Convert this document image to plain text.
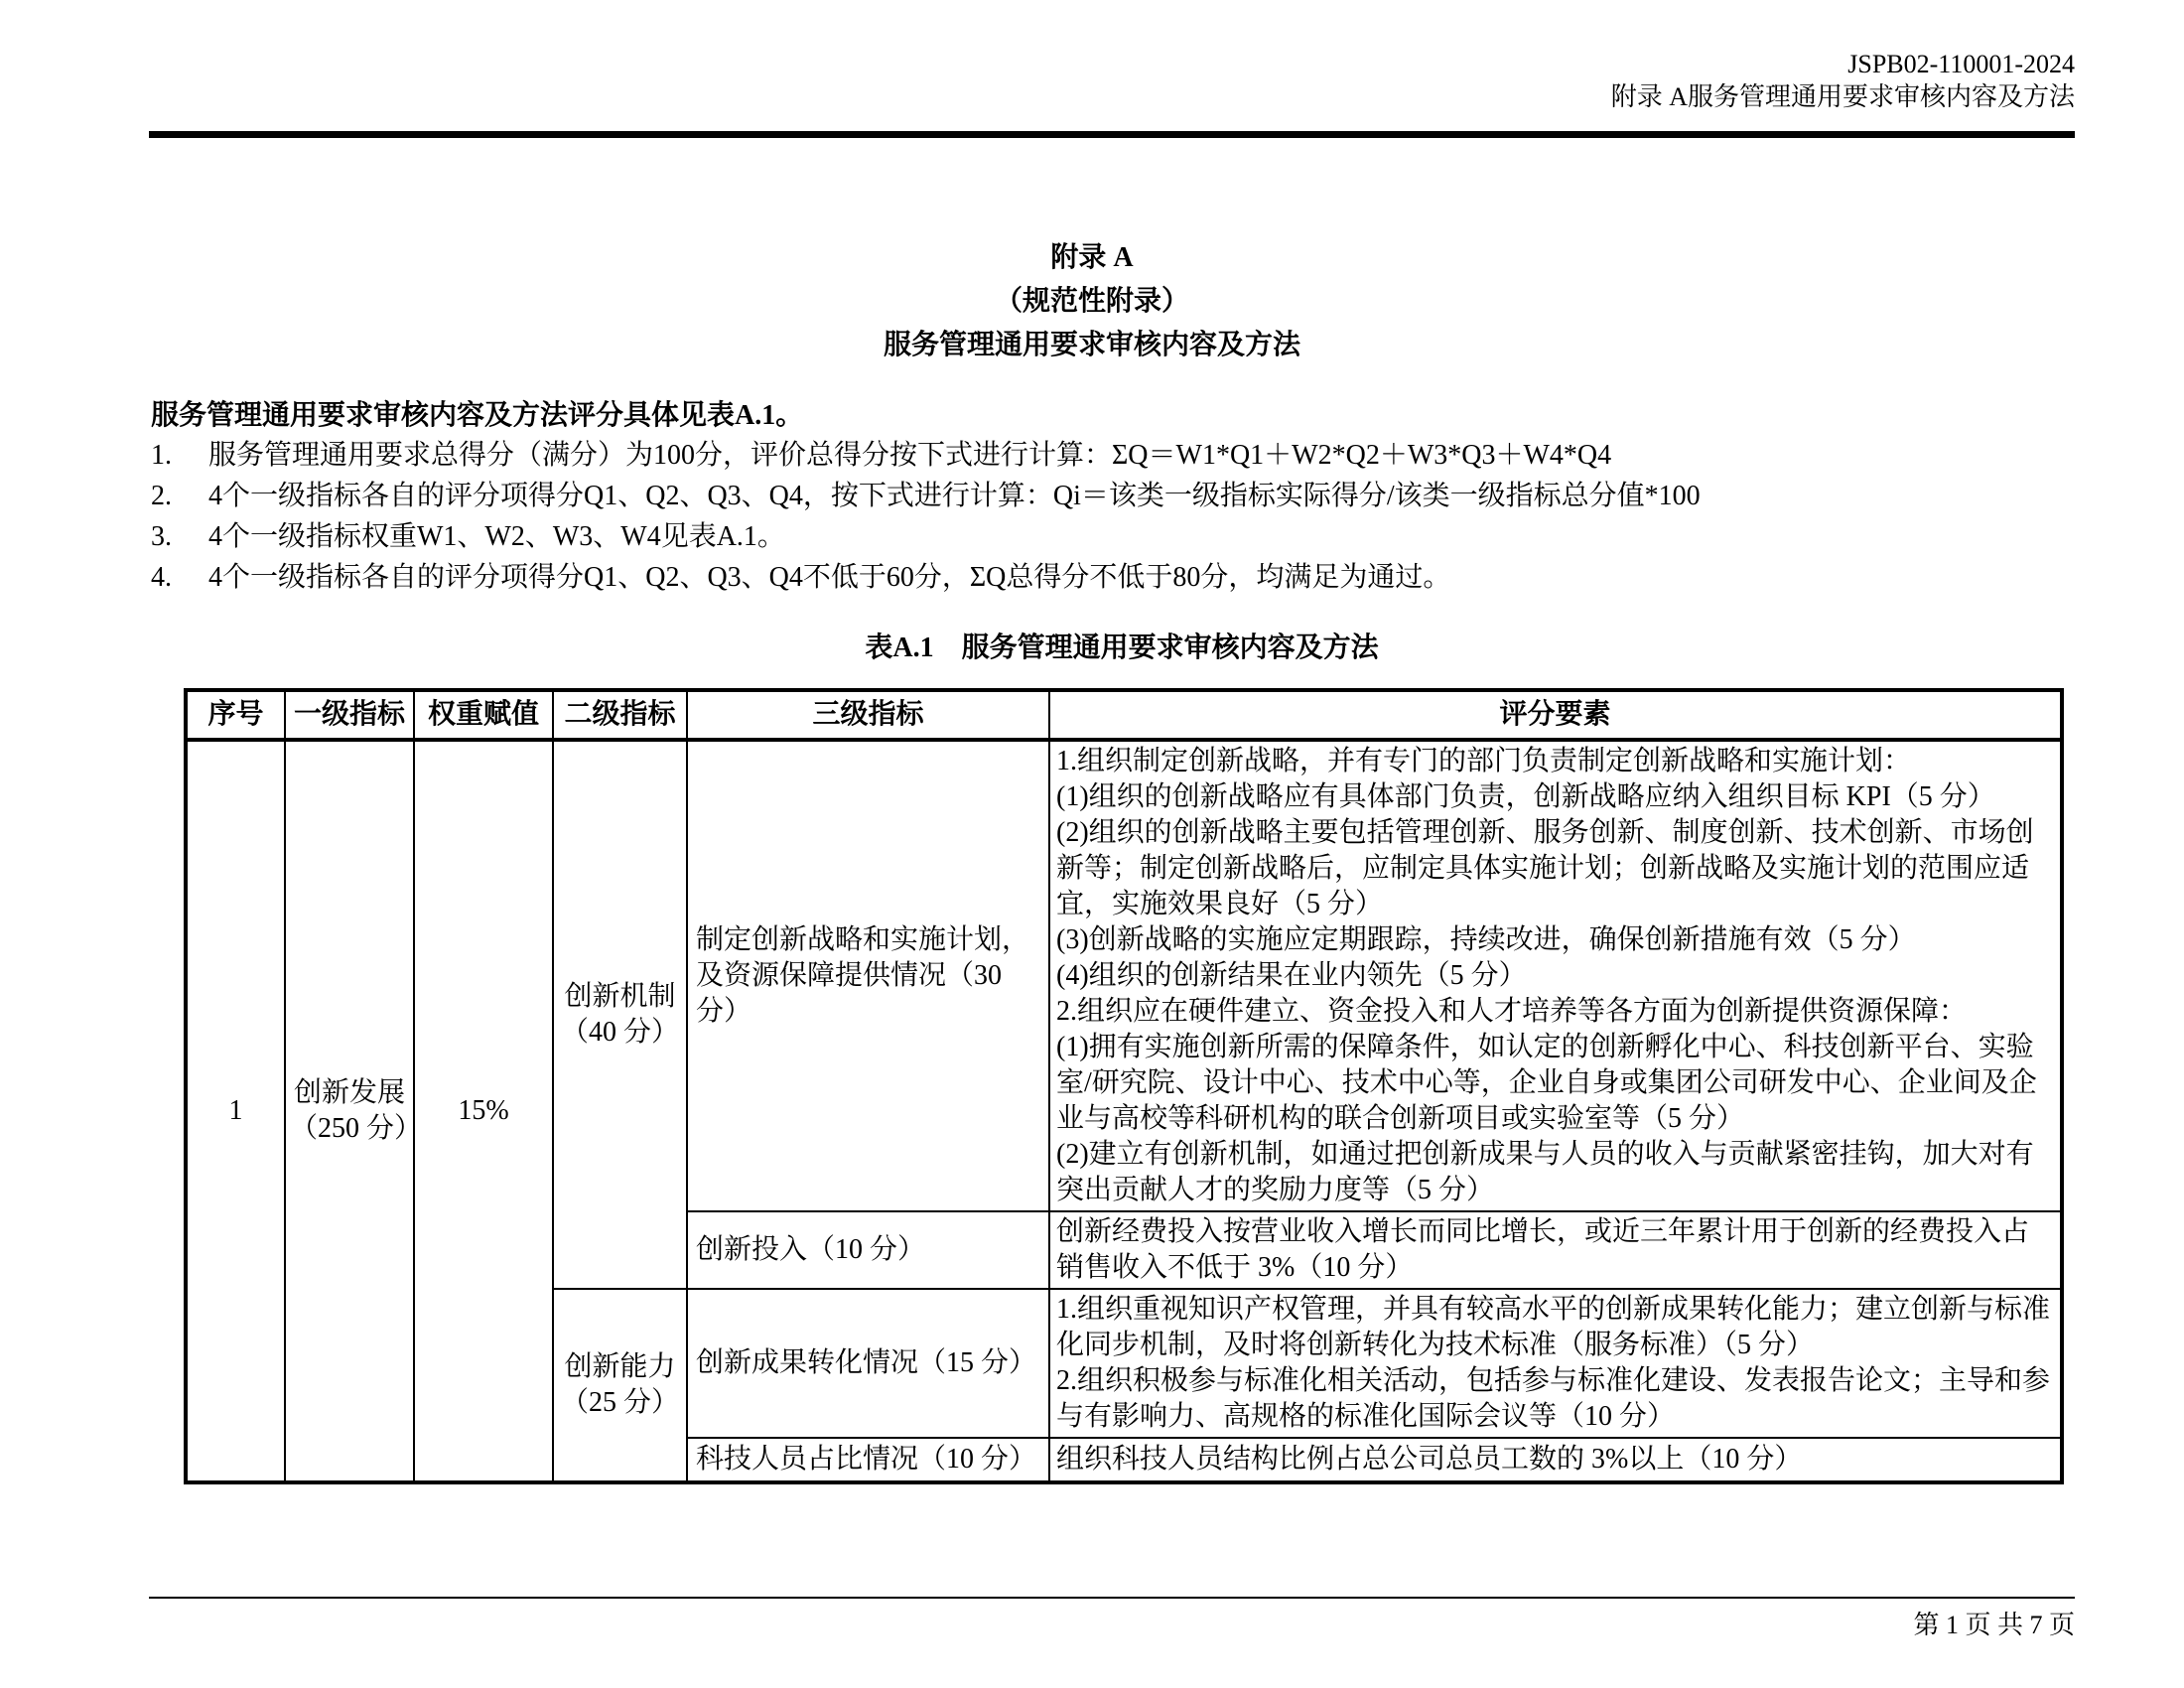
JSPB02-110001-2024
附录 A服务管理通用要求审核内容及方法
附录 A
（规范性附录）
服务管理通用要求审核内容及方法
服务管理通用要求审核内容及方法评分具体见表A.1。
1.	服务管理通用要求总得分（满分）为100分，评价总得分按下式进行计算：ΣQ＝W1*Q1＋W2*Q2＋W3*Q3＋W4*Q4
2.	4个一级指标各自的评分项得分Q1、Q2、Q3、Q4，按下式进行计算：Qi＝该类一级指标实际得分/该类一级指标总分值*100
3.	4个一级指标权重W1、W2、W3、W4见表A.1。
4.	4个一级指标各自的评分项得分Q1、Q2、Q3、Q4不低于60分，ΣQ总得分不低于80分，均满足为通过。
表A.1　服务管理通用要求审核内容及方法
序号	一级指标	权重赋值	二级指标	三级指标	评分要素
1	创新发展（250 分）	15%	创新机制（40 分）	制定创新战略和实施计划，及资源保障提供情况（30 分）	
1.组织制定创新战略，并有专门的部门负责制定创新战略和实施计划：
(1)组织的创新战略应有具体部门负责，创新战略应纳入组织目标 KPI（5 分）
(2)组织的创新战略主要包括管理创新、服务创新、制度创新、技术创新、市场创新等；制定创新战略后，应制定具体实施计划；创新战略及实施计划的范围应适宜，实施效果良好（5 分）
(3)创新战略的实施应定期跟踪，持续改进，确保创新措施有效（5 分）
(4)组织的创新结果在业内领先（5 分）
2.组织应在硬件建立、资金投入和人才培养等各方面为创新提供资源保障：
(1)拥有实施创新所需的保障条件，如认定的创新孵化中心、科技创新平台、实验室/研究院、设计中心、技术中心等，企业自身或集团公司研发中心、企业间及企业与高校等科研机构的联合创新项目或实验室等（5 分）
(2)建立有创新机制，如通过把创新成果与人员的收入与贡献紧密挂钩，加大对有突出贡献人才的奖励力度等（5 分）

				创新投入（10 分）	创新经费投入按营业收入增长而同比增长，或近三年累计用于创新的经费投入占销售收入不低于 3%（10 分）

			创新能力（25 分）	创新成果转化情况（15 分）	1.组织重视知识产权管理，并具有较高水平的创新成果转化能力；建立创新与标准化同步机制，及时将创新转化为技术标准（服务标准）（5 分）
2.组织积极参与标准化相关活动，包括参与标准化建设、发表报告论文；主导和参与有影响力、高规格的标准化国际会议等（10 分）

				科技人员占比情况（10 分）	组织科技人员结构比例占总公司总员工数的 3%以上（10 分）
第 1 页 共 7 页
